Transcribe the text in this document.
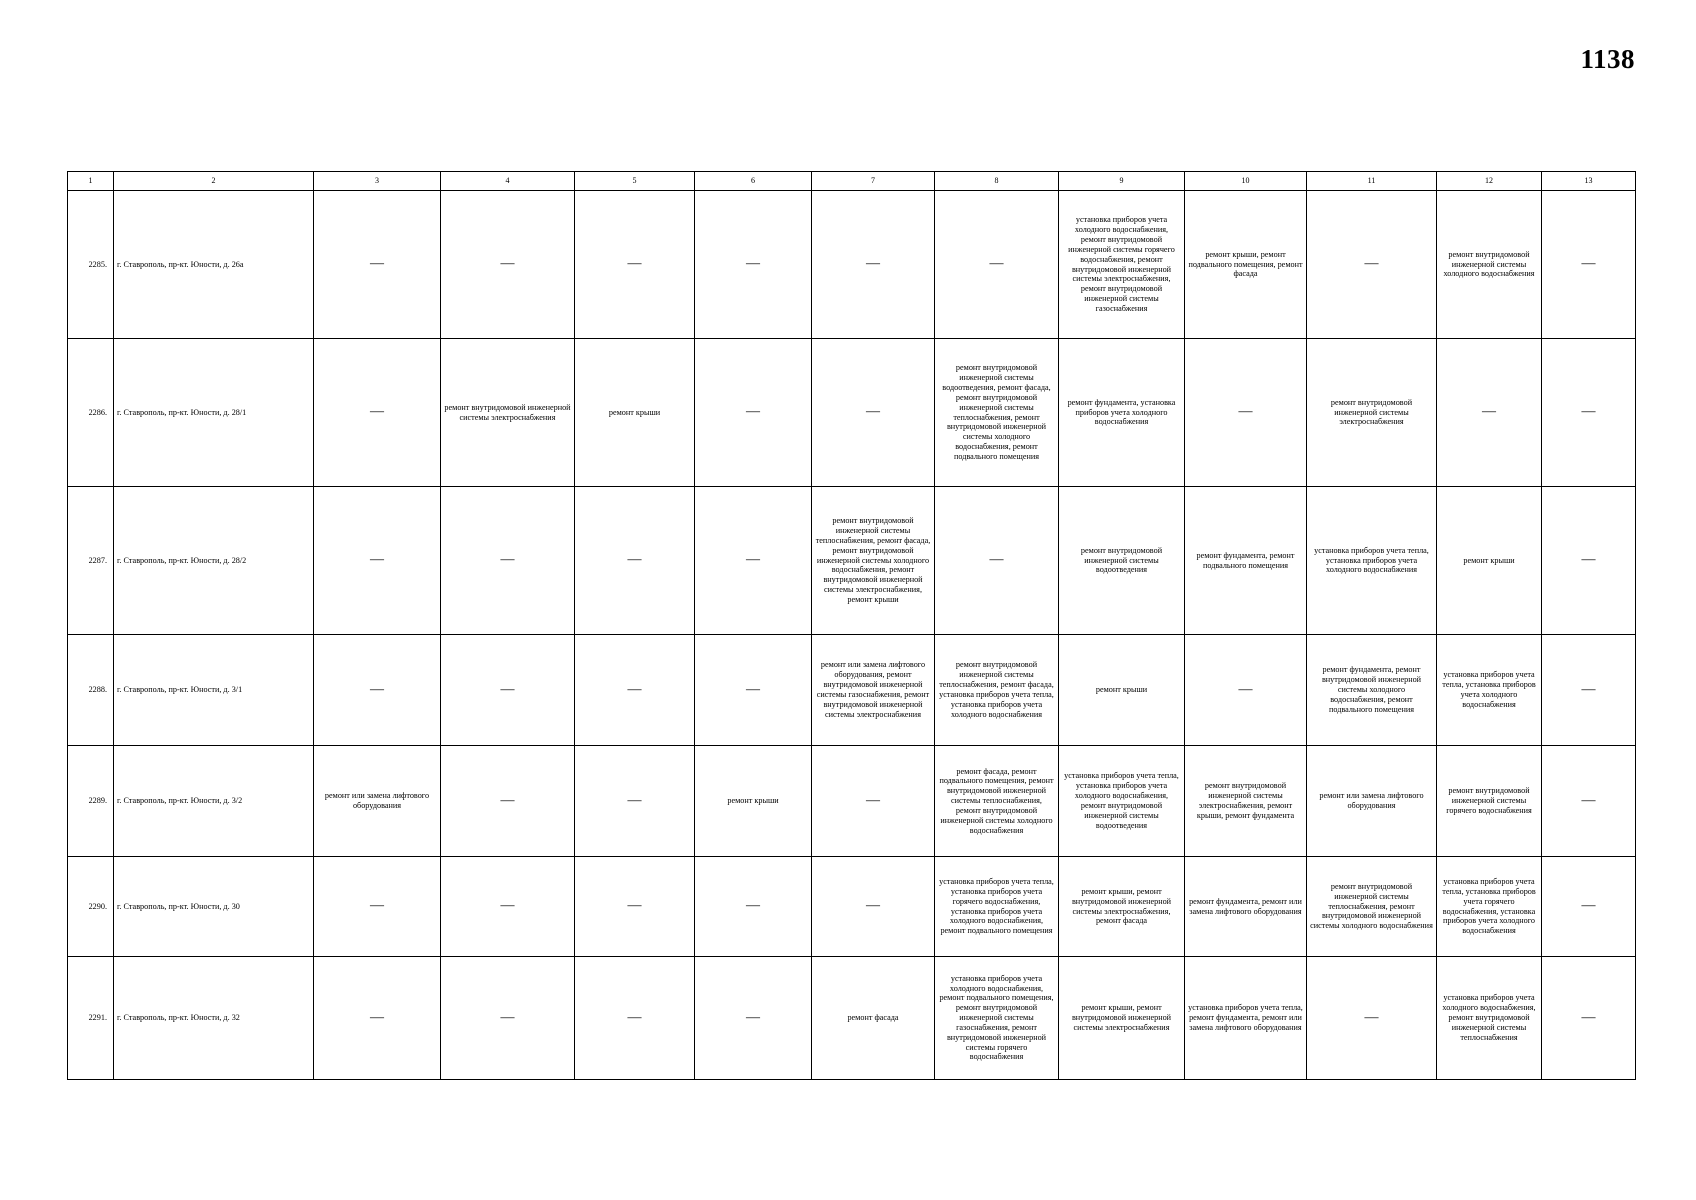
1138
1	2	3	4	5	6	7	8	9	10	11	12	13
2285.	г. Ставрополь, пр-кт. Юности, д. 26а	—	—	—	—	—	—	установка приборов учета холодного водоснабжения, ремонт внутридомовой инженерной системы горячего водоснабжения, ремонт внутридомовой инженерной системы электроснабжения, ремонт внутридомовой инженерной системы газоснабжения	ремонт крыши, ремонт подвального помещения, ремонт фасада	—	ремонт внутридомовой инженерной системы холодного водоснабжения	—
2286.	г. Ставрополь, пр-кт. Юности, д. 28/1	—	ремонт внутридомовой инженерной системы электроснабжения	ремонт крыши	—	—	ремонт внутридомовой инженерной системы водоотведения, ремонт фасада, ремонт внутридомовой инженерной системы теплоснабжения, ремонт внутридомовой инженерной системы холодного водоснабжения, ремонт подвального помещения	ремонт фундамента, установка приборов учета холодного водоснабжения	—	ремонт внутридомовой инженерной системы электроснабжения	—	—
2287.	г. Ставрополь, пр-кт. Юности, д. 28/2	—	—	—	—	ремонт внутридомовой инженерной системы теплоснабжения, ремонт фасада, ремонт внутридомовой инженерной системы холодного водоснабжения, ремонт внутридомовой инженерной системы электроснабжения, ремонт крыши	—	ремонт внутридомовой инженерной системы водоотведения	ремонт фундамента, ремонт подвального помещения	установка приборов учета тепла, установка приборов учета холодного водоснабжения	ремонт крыши	—
2288.	г. Ставрополь, пр-кт. Юности, д. 3/1	—	—	—	—	ремонт или замена лифтового оборудования, ремонт внутридомовой инженерной системы газоснабжения, ремонт внутридомовой инженерной системы электроснабжения	ремонт внутридомовой инженерной системы теплоснабжения, ремонт фасада, установка приборов учета тепла, установка приборов учета холодного водоснабжения	ремонт крыши	—	ремонт фундамента, ремонт внутридомовой инженерной системы холодного водоснабжения, ремонт подвального помещения	установка приборов учета тепла, установка приборов учета холодного водоснабжения	—
2289.	г. Ставрополь, пр-кт. Юности, д. 3/2	ремонт или замена лифтового оборудования	—	—	ремонт крыши	—	ремонт фасада, ремонт подвального помещения, ремонт внутридомовой инженерной системы теплоснабжения, ремонт внутридомовой инженерной системы холодного водоснабжения	установка приборов учета тепла, установка приборов учета холодного водоснабжения, ремонт внутридомовой инженерной системы водоотведения	ремонт внутридомовой инженерной системы электроснабжения, ремонт крыши, ремонт фундамента	ремонт или замена лифтового оборудования	ремонт внутридомовой инженерной системы горячего водоснабжения	—
2290.	г. Ставрополь, пр-кт. Юности, д. 30	—	—	—	—	—	установка приборов учета тепла, установка приборов учета горячего водоснабжения, установка приборов учета холодного водоснабжения, ремонт подвального помещения	ремонт крыши, ремонт внутридомовой инженерной системы электроснабжения, ремонт фасада	ремонт фундамента, ремонт или замена лифтового оборудования	ремонт внутридомовой инженерной системы теплоснабжения, ремонт внутридомовой инженерной системы холодного водоснабжения	установка приборов учета тепла, установка приборов учета горячего водоснабжения, установка приборов учета холодного водоснабжения	—
2291.	г. Ставрополь, пр-кт. Юности, д. 32	—	—	—	—	ремонт фасада	установка приборов учета холодного водоснабжения, ремонт подвального помещения, ремонт внутридомовой инженерной системы газоснабжения, ремонт внутридомовой инженерной системы горячего водоснабжения	ремонт крыши, ремонт внутридомовой инженерной системы электроснабжения	установка приборов учета тепла, ремонт фундамента, ремонт или замена лифтового оборудования	—	установка приборов учета холодного водоснабжения, ремонт внутридомовой инженерной системы теплоснабжения	—
